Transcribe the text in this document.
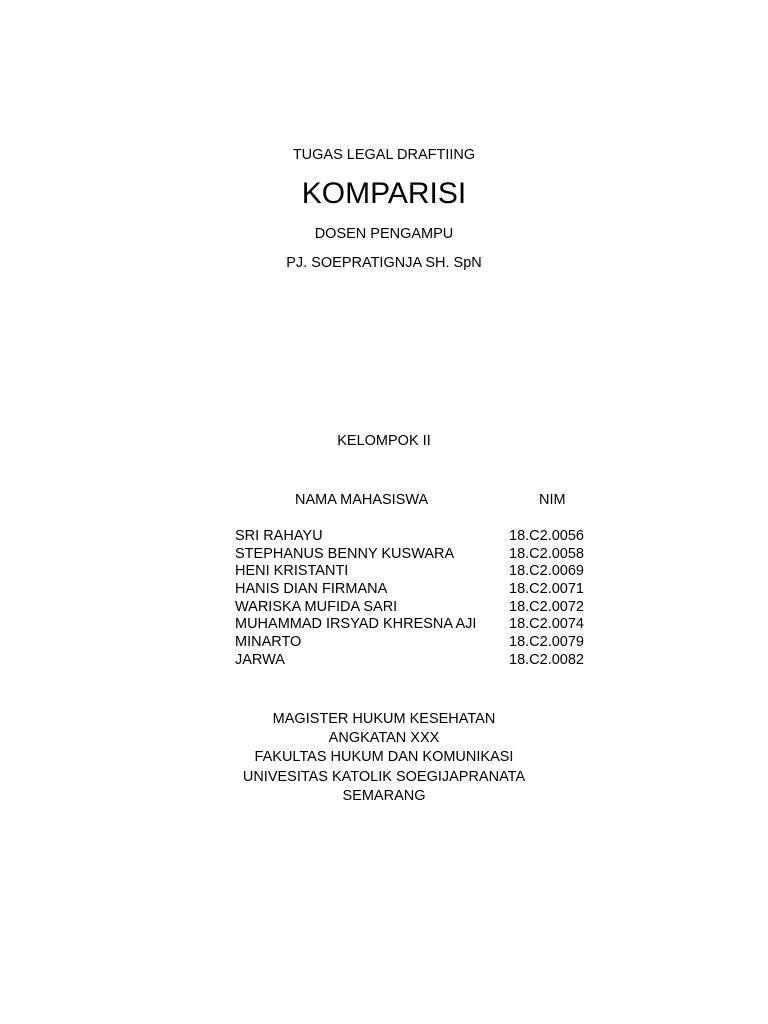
TUGAS LEGAL DRAFTIING
KOMPARISI
DOSEN PENGAMPU
PJ. SOEPRATIGNJA SH. SpN
KELOMPOK II
NAMA MAHASISWA	NIM
SRI RAHAYU	18.C2.0056
STEPHANUS BENNY KUSWARA	18.C2.0058
HENI KRISTANTI	18.C2.0069
HANIS DIAN FIRMANA	18.C2.0071
WARISKA MUFIDA SARI	18.C2.0072
MUHAMMAD IRSYAD KHRESNA AJI 18.C2.0074
MINARTO	18.C2.0079
JARWA	18.C2.0082
MAGISTER HUKUM KESEHATAN
ANGKATAN XXX
FAKULTAS HUKUM DAN KOMUNIKASI
UNIVESITAS KATOLIK SOEGIJAPRANATA
SEMARANG
